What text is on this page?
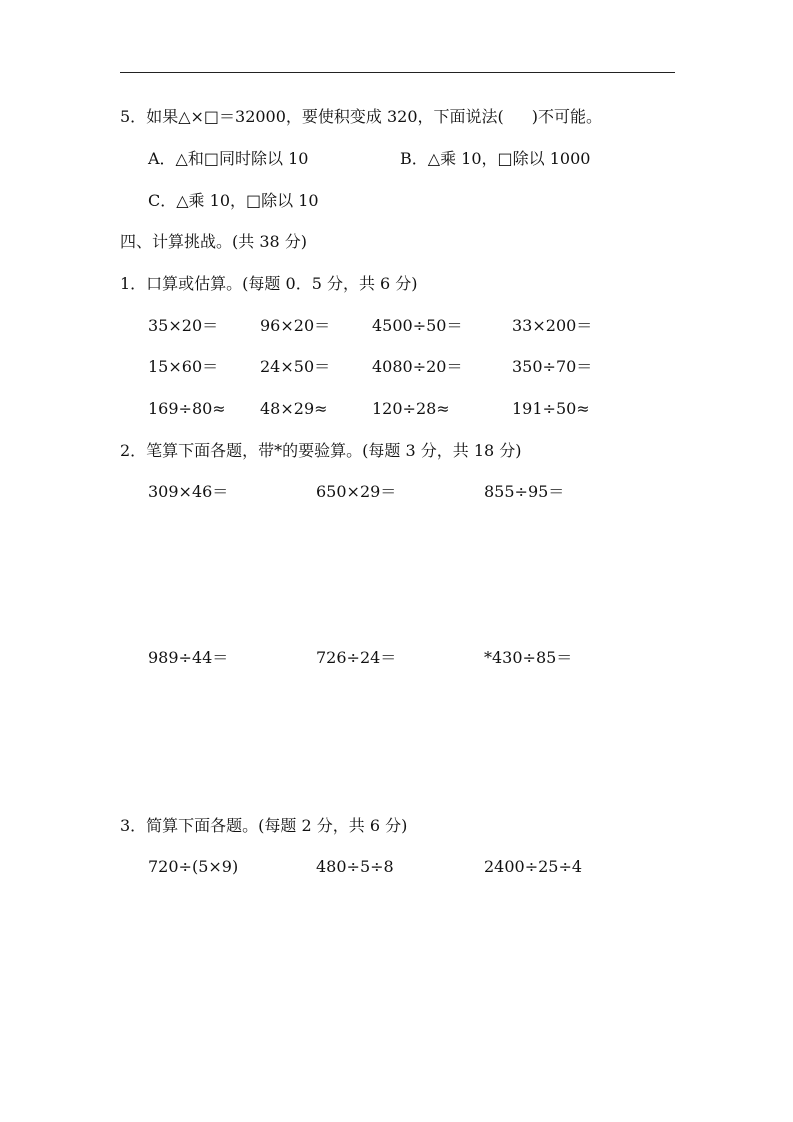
5．如果△×□＝32000，要使积变成 320，下面说法( )不可能。
A．△和□同时除以 10	B．△乘 10，□除以 1000
C．△乘 10，□除以 10
四、计算挑战。(共 38 分)
1．口算或估算。(每题 0．5 分，共 6 分)
35×20＝	96×20＝	4500÷50＝	33×200＝
15×60＝	24×50＝	4080÷20＝	350÷70＝
169÷80≈ 48×29≈	120÷28≈	191÷50≈
2．笔算下面各题，带*的要验算。(每题 3 分，共 18 分)
309×46＝	650×29＝	855÷95＝
989÷44＝	726÷24＝	*430÷85＝
3．简算下面各题。(每题 2 分，共 6 分)
720÷(5×9)	480÷5÷8	2400÷25÷4
